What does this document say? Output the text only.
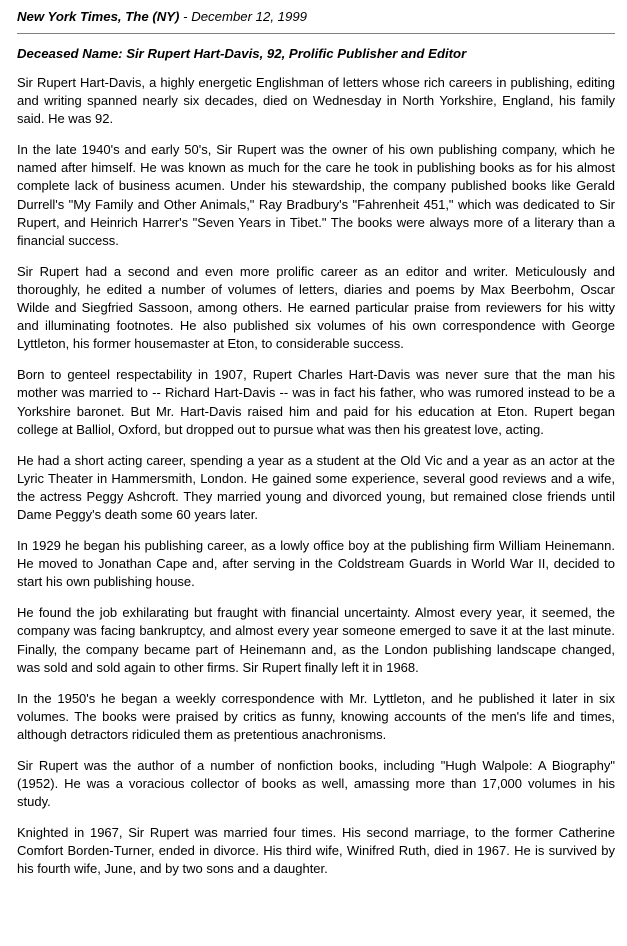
New York Times, The (NY) - December 12, 1999

Deceased Name: Sir Rupert Hart-Davis, 92, Prolific Publisher and Editor

Sir Rupert Hart-Davis, a highly energetic Englishman of letters whose rich careers in publishing, editing and writing spanned nearly six decades, died on Wednesday in North Yorkshire, England, his family said. He was 92.

In the late 1940's and early 50's, Sir Rupert was the owner of his own publishing company, which he named after himself. He was known as much for the care he took in publishing books as for his almost complete lack of business acumen. Under his stewardship, the company published books like Gerald Durrell's "My Family and Other Animals," Ray Bradbury's "Fahrenheit 451," which was dedicated to Sir Rupert, and Heinrich Harrer's "Seven Years in Tibet." The books were always more of a literary than a financial success.

Sir Rupert had a second and even more prolific career as an editor and writer. Meticulously and thoroughly, he edited a number of volumes of letters, diaries and poems by Max Beerbohm, Oscar Wilde and Siegfried Sassoon, among others. He earned particular praise from reviewers for his witty and illuminating footnotes. He also published six volumes of his own correspondence with George Lyttleton, his former housemaster at Eton, to considerable success.

Born to genteel respectability in 1907, Rupert Charles Hart-Davis was never sure that the man his mother was married to -- Richard Hart-Davis -- was in fact his father, who was rumored instead to be a Yorkshire baronet. But Mr. Hart-Davis raised him and paid for his education at Eton. Rupert began college at Balliol, Oxford, but dropped out to pursue what was then his greatest love, acting.

He had a short acting career, spending a year as a student at the Old Vic and a year as an actor at the Lyric Theater in Hammersmith, London. He gained some experience, several good reviews and a wife, the actress Peggy Ashcroft. They married young and divorced young, but remained close friends until Dame Peggy's death some 60 years later.

In 1929 he began his publishing career, as a lowly office boy at the publishing firm William Heinemann. He moved to Jonathan Cape and, after serving in the Coldstream Guards in World War II, decided to start his own publishing house.

He found the job exhilarating but fraught with financial uncertainty. Almost every year, it seemed, the company was facing bankruptcy, and almost every year someone emerged to save it at the last minute. Finally, the company became part of Heinemann and, as the London publishing landscape changed, was sold and sold again to other firms. Sir Rupert finally left it in 1968.

In the 1950's he began a weekly correspondence with Mr. Lyttleton, and he published it later in six volumes. The books were praised by critics as funny, knowing accounts of the men's life and times, although detractors ridiculed them as pretentious anachronisms.

Sir Rupert was the author of a number of nonfiction books, including "Hugh Walpole: A Biography" (1952). He was a voracious collector of books as well, amassing more than 17,000 volumes in his study.

Knighted in 1967, Sir Rupert was married four times. His second marriage, to the former Catherine Comfort Borden-Turner, ended in divorce. His third wife, Winifred Ruth, died in 1967. He is survived by his fourth wife, June, and by two sons and a daughter.
